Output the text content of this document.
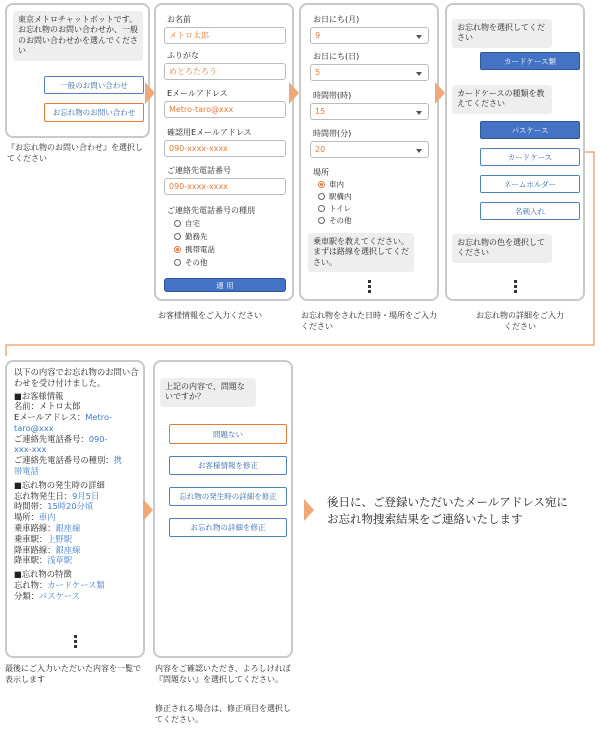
東京メトロチャットボットです。お忘れ物のお問い合わせか、一般のお問い合わせかを選んでください
一般のお問い合わせ
お忘れ物のお問い合わせ
『お忘れ物のお問い合わせ』を選択してください
お名前
メトロ太郎
ふりがな
めとろたろう
Eメールアドレス
Metro-taro@xxx
確認用Eメールアドレス
090-xxxx-xxxx
ご連絡先電話番号
090-xxxx-xxxx
ご連絡先電話番号の種別
自宅
勤務先
携帯電話
その他
適 用
お客様情報をご入力ください
お日にち(月)
9
お日にち(日)
5
時間帯(時)
15
時間帯(分)
20
場所
車内
駅構内
トイレ
その他
乗車駅を教えてください。まずは路線を選択してください。
お忘れ物をされた日時・場所をご入力ください
お忘れ物を選択してください
カードケース類
カードケースの種類を教えてください
パスケース
カードケース
ネームホルダー
名刺入れ
お忘れ物の色を選択してください
お忘れ物の詳細をご入力ください
以下の内容でお忘れ物のお問い合わせを受け付けました。
■お客様情報
名前：メトロ太郎
Eメールアドレス：Metro-
taro@xxx
ご連絡先電話番号：090-
xxx-xxx
ご連絡先電話番号の種別：携
帯電話
■忘れ物の発生時の詳細
忘れ物発生日：9月5日
時間帯：15時20分頃
場所：車内
乗車路線：銀座線
乗車駅：上野駅
降車路線：銀座線
降車駅：浅草駅
■忘れ物の特徴
忘れ物：カードケース類
分類：パスケース
最後にご入力いただいた内容を一覧で表示します
上記の内容で、問題ないですか？
問題ない
お客様情報を修正
忘れ物の発生時の詳細を修正
お忘れ物の詳細を修正
内容をご確認いただき、よろしければ『問題ない』を選択してください。
修正される場合は、修正項目を選択してください。
後日に、ご登録いただいたメールアドレス宛に
お忘れ物捜索結果をご連絡いたします
